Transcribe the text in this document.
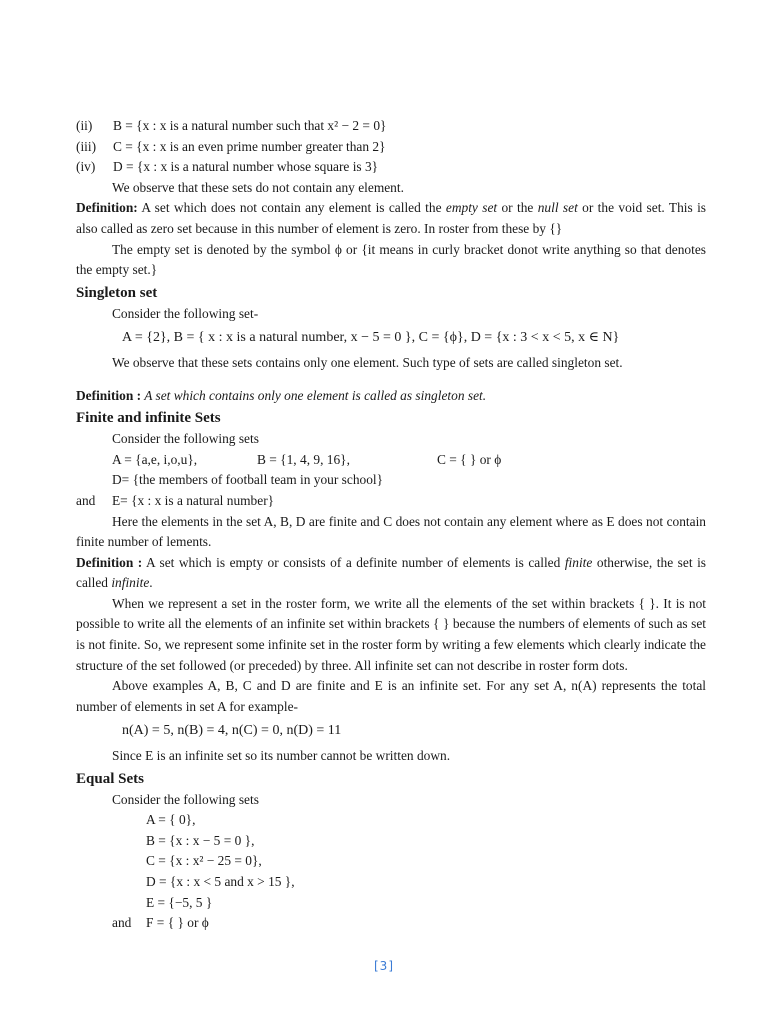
(ii)	B = {x : x is a natural number such that x² − 2 = 0}
(iii)	C = {x : x is an even prime number greater than 2}
(iv)	D = {x : x is a natural number whose square is 3}

We observe that these sets do not contain any element.

Definition: A set which does not contain any element is called the empty set or the null set or the void set. This is also called as zero set because in this number of element is zero. In roster from these by {}

The empty set is denoted by the symbol ϕ or {it means in curly bracket donot write anything so that denotes the empty set.}

Singleton set

Consider the following set-

A = {2}, B = { x : x is a natural number, x − 5 = 0 }, C = {ϕ}, D = {x : 3 < x < 5, x ∈ N}

We observe that these sets contains only one element. Such type of sets are called singleton set.

Definition : A set which contains only one element is called as singleton set.

Finite and infinite Sets

Consider the following sets

A = {a,e, i,o,u},	B = {1, 4, 9, 16},	C = { } or ϕ

D= {the members of football team in your school}

and	E= {x : x is a natural number}

Here the elements in the set A, B, D are finite and C does not contain any element where as E does not contain finite number of lements.

Definition : A set which is empty or consists of a definite number of elements is called finite otherwise, the set is called infinite.

When we represent a set in the roster form, we write all the elements of the set within brackets { }. It is not possible to write all the elements of an infinite set within brackets { } because the numbers of elements of such as set is not finite. So, we represent some infinite set in the roster form by writing a few elements which clearly indicate the structure of the set followed (or preceded) by three. All infinite set can not describe in roster form dots.

Above examples A, B, C and D are finite and E is an infinite set. For any set A, n(A) represents the total number of elements in set A for example-

n(A) = 5, n(B) = 4, n(C) = 0, n(D) = 11

Since E is an infinite set so its number cannot be written down.

Equal Sets

Consider the following sets

A = { 0},
B = {x : x − 5 = 0 },
C = {x : x² − 25 = 0},
D = {x : x < 5 and x > 15 },
E = {−5, 5 }
and	F = { } or ϕ
[3]
